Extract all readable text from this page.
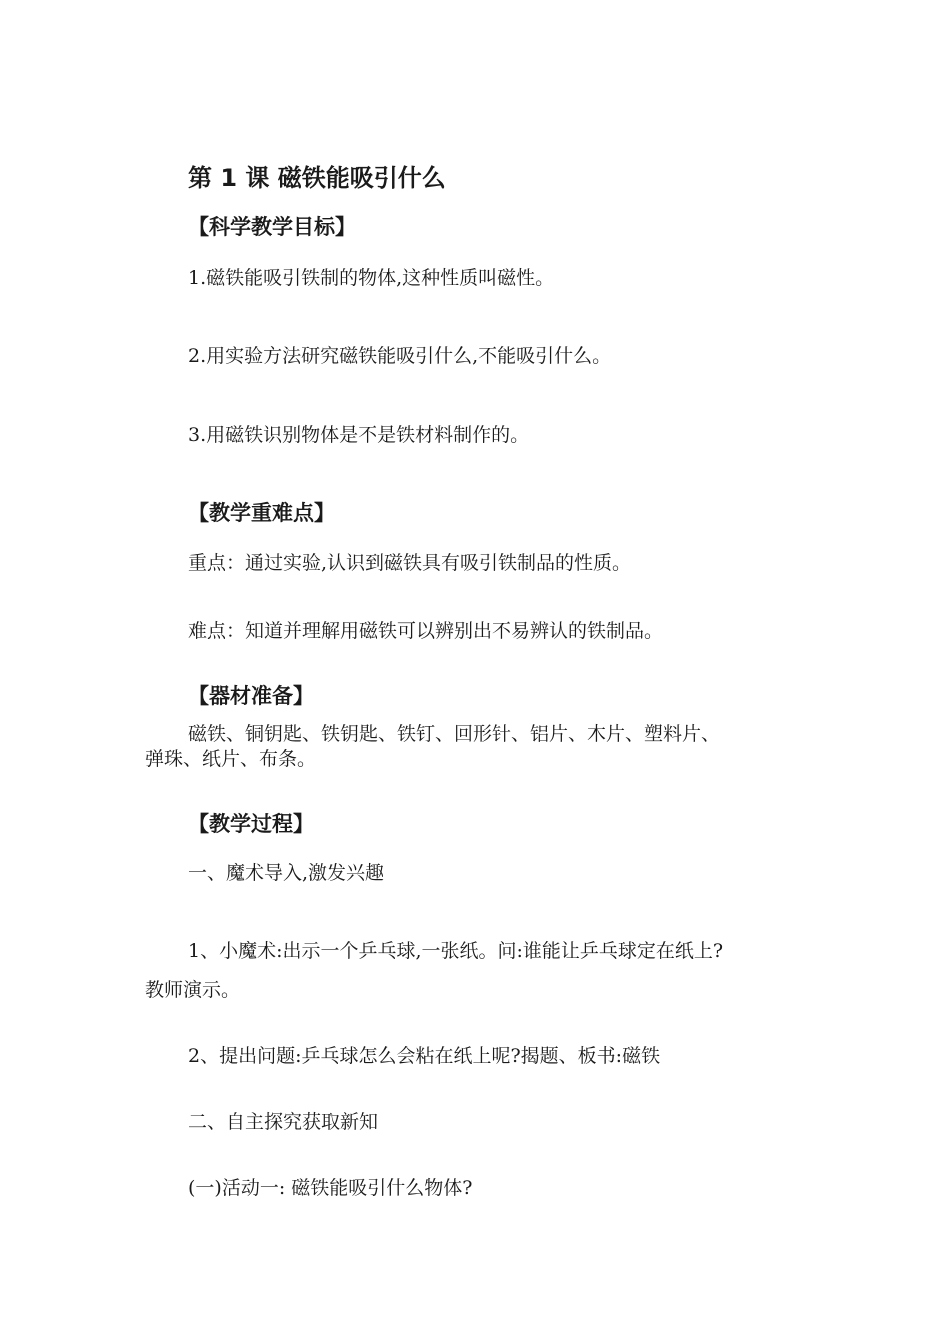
第 1 课 磁铁能吸引什么
【科学教学目标】
1.磁铁能吸引铁制的物体,这种性质叫磁性。
2.用实验方法研究磁铁能吸引什么,不能吸引什么。
3.用磁铁识别物体是不是铁材料制作的。
【教学重难点】
重点：通过实验,认识到磁铁具有吸引铁制品的性质。
难点：知道并理解用磁铁可以辨别出不易辨认的铁制品。
【器材准备】
磁铁、铜钥匙、铁钥匙、铁钉、回形针、铝片、木片、塑料片、
弹珠、纸片、布条。
【教学过程】
一、魔术导入,激发兴趣
1、小魔术:出示一个乒乓球,一张纸。问:谁能让乒乓球定在纸上?
教师演示。
2、提出问题:乒乓球怎么会粘在纸上呢?揭题、板书:磁铁
二、自主探究获取新知
(一)活动一: 磁铁能吸引什么物体?
